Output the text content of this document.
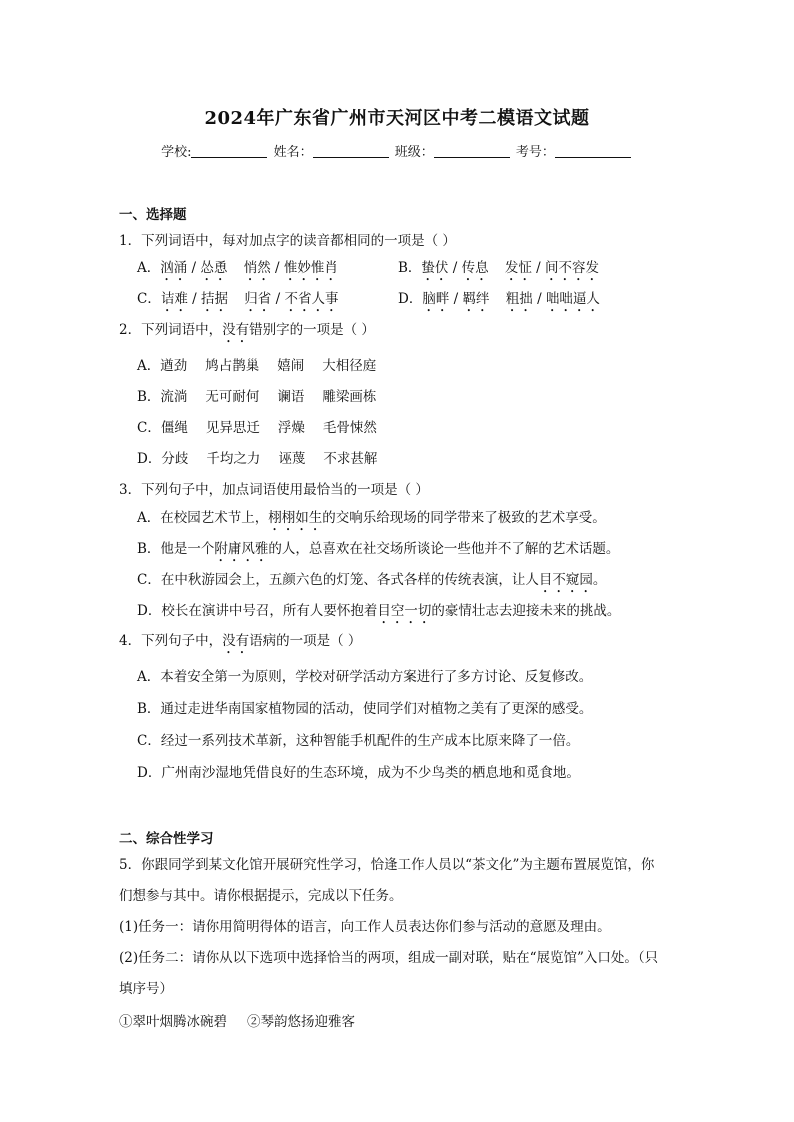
2024年广东省广州市天河区中考二模语文试题
学校:	姓名：	班级：	考号：
一、选择题
1．下列词语中，每对加点字的读音都相同的一项是（ ）
A．汹涌 / 怂恿 悄然 / 惟妙惟肖	B．蛰伏 / 传息 发怔 / 间不容发
C．诘难 / 拮据 归省 / 不省人事	D．脑畔 / 羁绊 粗拙 / 咄咄逼人
2．下列词语中，没有错别字的一项是（ ）
A．遒劲 鸠占鹊巢 嬉闹 大相径庭
B．流淌 无可耐何 谰语 雕梁画栋
C．僵绳 见异思迁 浮燥 毛骨悚然
D．分歧 千均之力 诬蔑 不求甚解
3．下列句子中，加点词语使用最恰当的一项是（ ）
A．在校园艺术节上，栩栩如生的交响乐给现场的同学带来了极致的艺术享受。
B．他是一个附庸风雅的人，总喜欢在社交场所谈论一些他并不了解的艺术话题。
C．在中秋游园会上，五颜六色的灯笼、各式各样的传统表演，让人目不窥园。
D．校长在演讲中号召，所有人要怀抱着目空一切的豪情壮志去迎接未来的挑战。
4．下列句子中，没有语病的一项是（ ）
A．本着安全第一为原则，学校对研学活动方案进行了多方讨论、反复修改。
B．通过走进华南国家植物园的活动，使同学们对植物之美有了更深的感受。
C．经过一系列技术革新，这种智能手机配件的生产成本比原来降了一倍。
D．广州南沙湿地凭借良好的生态环境，成为不少鸟类的栖息地和觅食地。
二、综合性学习
5．你跟同学到某文化馆开展研究性学习，恰逢工作人员以“茶文化”为主题布置展览馆，你
们想参与其中。请你根据提示，完成以下任务。
(1)任务一：请你用简明得体的语言，向工作人员表达你们参与活动的意愿及理由。
(2)任务二：请你从以下选项中选择恰当的两项，组成一副对联，贴在“展览馆”入口处。（只
填序号）
①翠叶烟腾冰碗碧 ②琴韵悠扬迎雅客
